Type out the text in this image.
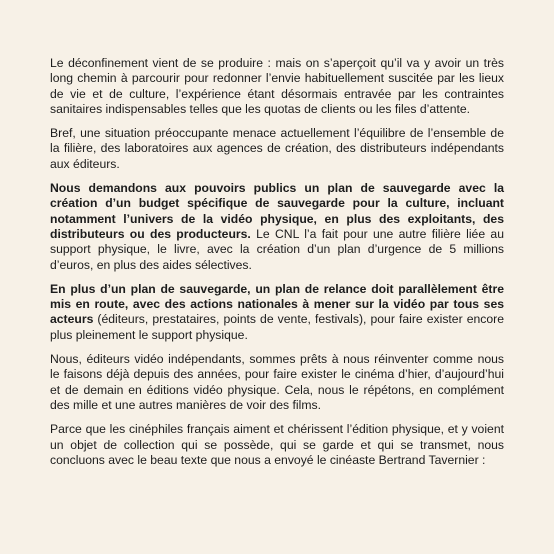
Le déconfinement vient de se produire : mais on s’aperçoit qu’il va y avoir un très long chemin à parcourir pour redonner l’envie habituellement suscitée par les lieux de vie et de culture, l’expérience étant désormais entravée par les contraintes sanitaires indispensables telles que les quotas de clients ou les files d’attente.

Bref, une situation préoccupante menace actuellement l’équilibre de l’ensemble de la filière, des laboratoires aux agences de création, des distributeurs indépendants aux éditeurs.

Nous demandons aux pouvoirs publics un plan de sauvegarde avec la création d’un budget spécifique de sauvegarde pour la culture, incluant notamment l’univers de la vidéo physique, en plus des exploitants, des distributeurs ou des producteurs. Le CNL l’a fait pour une autre filière liée au support physique, le livre, avec la création d’un plan d’urgence de 5 millions d’euros, en plus des aides sélectives.

En plus d’un plan de sauvegarde, un plan de relance doit parallèlement être mis en route, avec des actions nationales à mener sur la vidéo par tous ses acteurs (éditeurs, prestataires, points de vente, festivals), pour faire exister encore plus pleinement le support physique.

Nous, éditeurs vidéo indépendants, sommes prêts à nous réinventer comme nous le faisons déjà depuis des années, pour faire exister le cinéma d’hier, d’aujourd’hui et de demain en éditions vidéo physique. Cela, nous le répétons, en complément des mille et une autres manières de voir des films.

Parce que les cinéphiles français aiment et chérissent l’édition physique, et y voient un objet de collection qui se possède, qui se garde et qui se transmet, nous concluons avec le beau texte que nous a envoyé le cinéaste Bertrand Tavernier :
